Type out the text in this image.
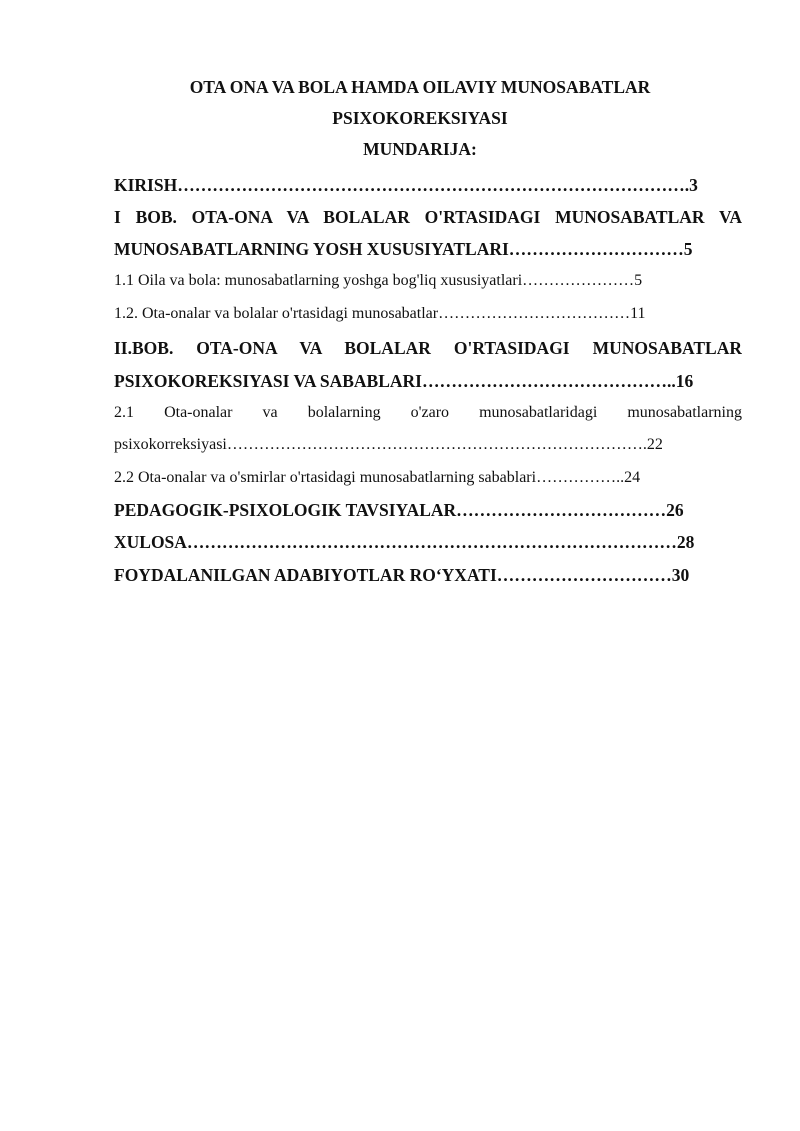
OTA ONA VA BOLA HAMDA OILAVIY MUNOSABATLAR
PSIXOKOREKSIYASI
MUNDARIJA:
KIRISH…………………………………………………………………………….3
I BOB. OTA-ONA VA BOLALAR O'RTASIDAGI MUNOSABATLAR VA
MUNOSABATLARNING YOSH XUSUSIYATLARI…………………………5
1.1 Oila va bola: munosabatlarning yoshga bog'liq xususiyatlari…………………5
1.2. Ota-onalar va bolalar o'rtasidagi munosabatlar………………………………11
II.BOB. OTA-ONA VA BOLALAR O'RTASIDAGI MUNOSABATLAR
PSIXOKOREKSIYASI VA SABABLARI……………………………………..16
2.1 Ota-onalar va bolalarning o'zaro munosabatlaridagi munosabatlarning
psixokorreksiyasi…………………………………………………………………….22
2.2 Ota-onalar va o'smirlar o'rtasidagi munosabatlarning sabablari……………..24
PEDAGOGIK-PSIXOLOGIK TAVSIYALAR………………………………26
XULOSA…………………………………………………………………………28
FOYDALANILGAN ADABIYOTLAR RO‘YXATI…………………………30
